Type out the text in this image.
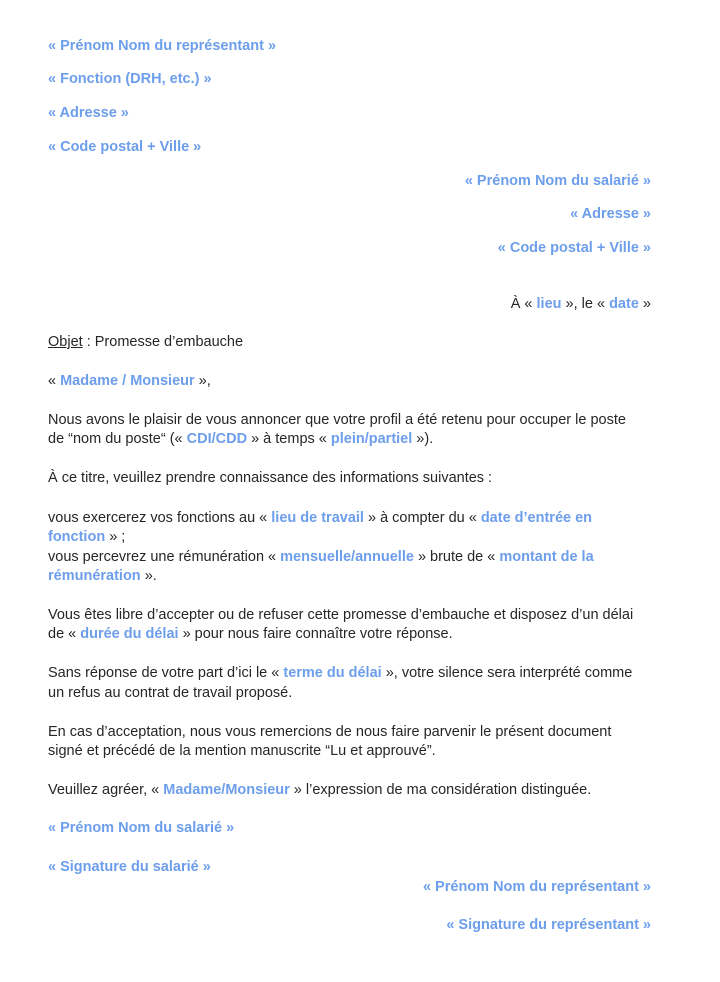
« Prénom Nom du représentant »
« Fonction (DRH, etc.) »
« Adresse »
« Code postal + Ville »
« Prénom Nom du salarié »
« Adresse »
« Code postal + Ville »
À « lieu », le « date »
Objet : Promesse d’embauche
« Madame / Monsieur »,
Nous avons le plaisir de vous annoncer que votre profil a été retenu pour occuper le poste
de “nom du poste“ (« CDI/CDD » à temps « plein/partiel »).
À ce titre, veuillez prendre connaissance des informations suivantes :
vous exercerez vos fonctions au « lieu de travail » à compter du « date d’entrée en
fonction » ;
vous percevrez une rémunération « mensuelle/annuelle » brute de « montant de la
rémunération ».
Vous êtes libre d’accepter ou de refuser cette promesse d’embauche et disposez d’un délai
de « durée du délai » pour nous faire connaître votre réponse.
Sans réponse de votre part d’ici le « terme du délai », votre silence sera interprété comme
un refus au contrat de travail proposé.
En cas d’acceptation, nous vous remercions de nous faire parvenir le présent document
signé et précédé de la mention manuscrite “Lu et approuvé”.
Veuillez agréer, « Madame/Monsieur » l’expression de ma considération distinguée.
« Prénom Nom du salarié »
« Signature du salarié »
« Prénom Nom du représentant »
« Signature du représentant »
